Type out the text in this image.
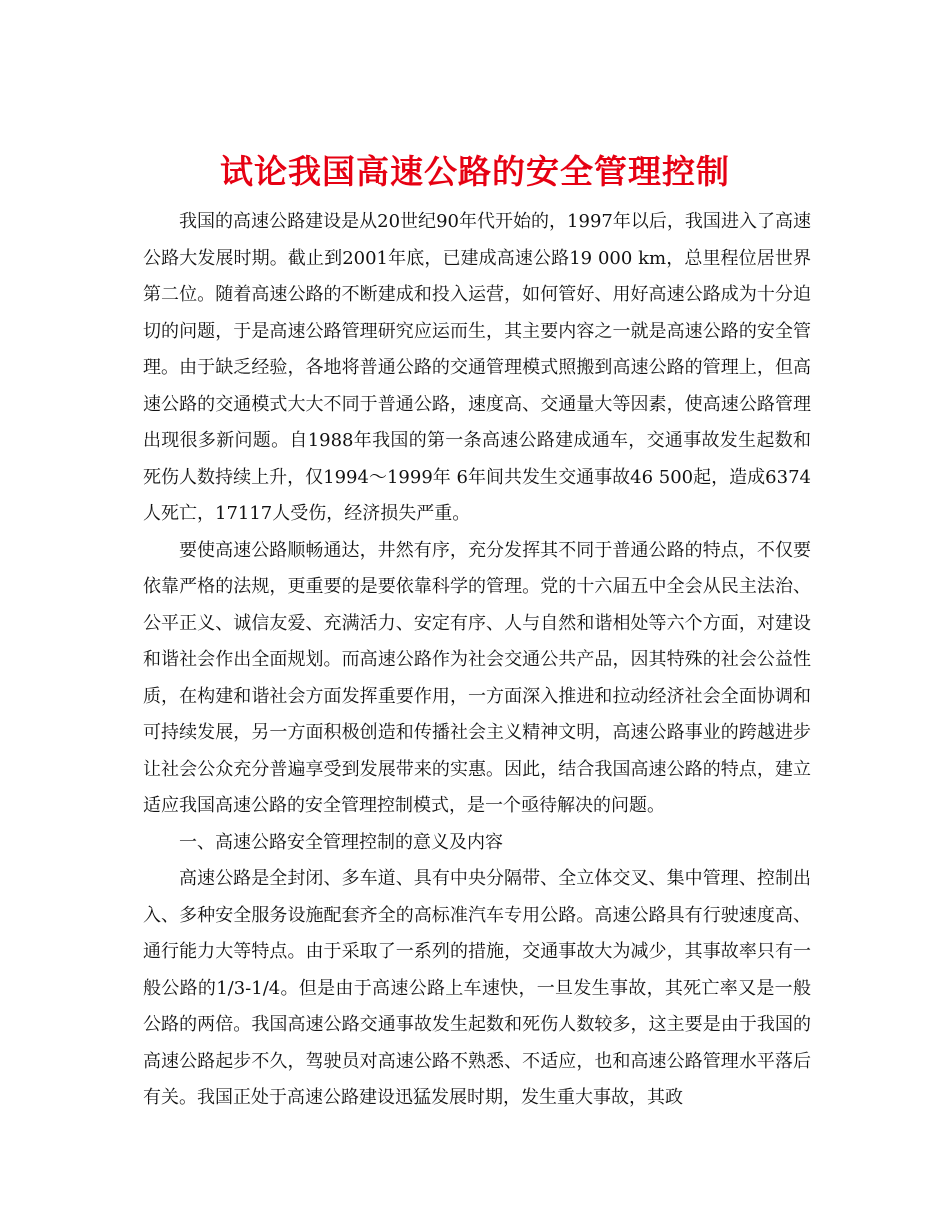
试论我国高速公路的安全管理控制

我国的高速公路建设是从20世纪90年代开始的，1997年以后，我国进入了高速公路大发展时期。截止到2001年底，已建成高速公路19 000 km，总里程位居世界第二位。随着高速公路的不断建成和投入运营，如何管好、用好高速公路成为十分迫切的问题，于是高速公路管理研究应运而生，其主要内容之一就是高速公路的安全管理。由于缺乏经验，各地将普通公路的交通管理模式照搬到高速公路的管理上，但高速公路的交通模式大大不同于普通公路，速度高、交通量大等因素，使高速公路管理出现很多新问题。自1988年我国的第一条高速公路建成通车，交通事故发生起数和死伤人数持续上升，仅1994～1999年 6年间共发生交通事故46 500起，造成6374人死亡，17117人受伤，经济损失严重。

要使高速公路顺畅通达，井然有序，充分发挥其不同于普通公路的特点，不仅要依靠严格的法规，更重要的是要依靠科学的管理。党的十六届五中全会从民主法治、公平正义、诚信友爱、充满活力、安定有序、人与自然和谐相处等六个方面，对建设和谐社会作出全面规划。而高速公路作为社会交通公共产品，因其特殊的社会公益性质，在构建和谐社会方面发挥重要作用，一方面深入推进和拉动经济社会全面协调和可持续发展，另一方面积极创造和传播社会主义精神文明，高速公路事业的跨越进步让社会公众充分普遍享受到发展带来的实惠。因此，结合我国高速公路的特点，建立适应我国高速公路的安全管理控制模式，是一个亟待解决的问题。

一、高速公路安全管理控制的意义及内容

高速公路是全封闭、多车道、具有中央分隔带、全立体交叉、集中管理、控制出入、多种安全服务设施配套齐全的高标准汽车专用公路。高速公路具有行驶速度高、通行能力大等特点。由于采取了一系列的措施，交通事故大为减少，其事故率只有一般公路的1/3-1/4。但是由于高速公路上车速快，一旦发生事故，其死亡率又是一般公路的两倍。我国高速公路交通事故发生起数和死伤人数较多，这主要是由于我国的高速公路起步不久，驾驶员对高速公路不熟悉、不适应，也和高速公路管理水平落后有关。我国正处于高速公路建设迅猛发展时期，发生重大事故，其政
